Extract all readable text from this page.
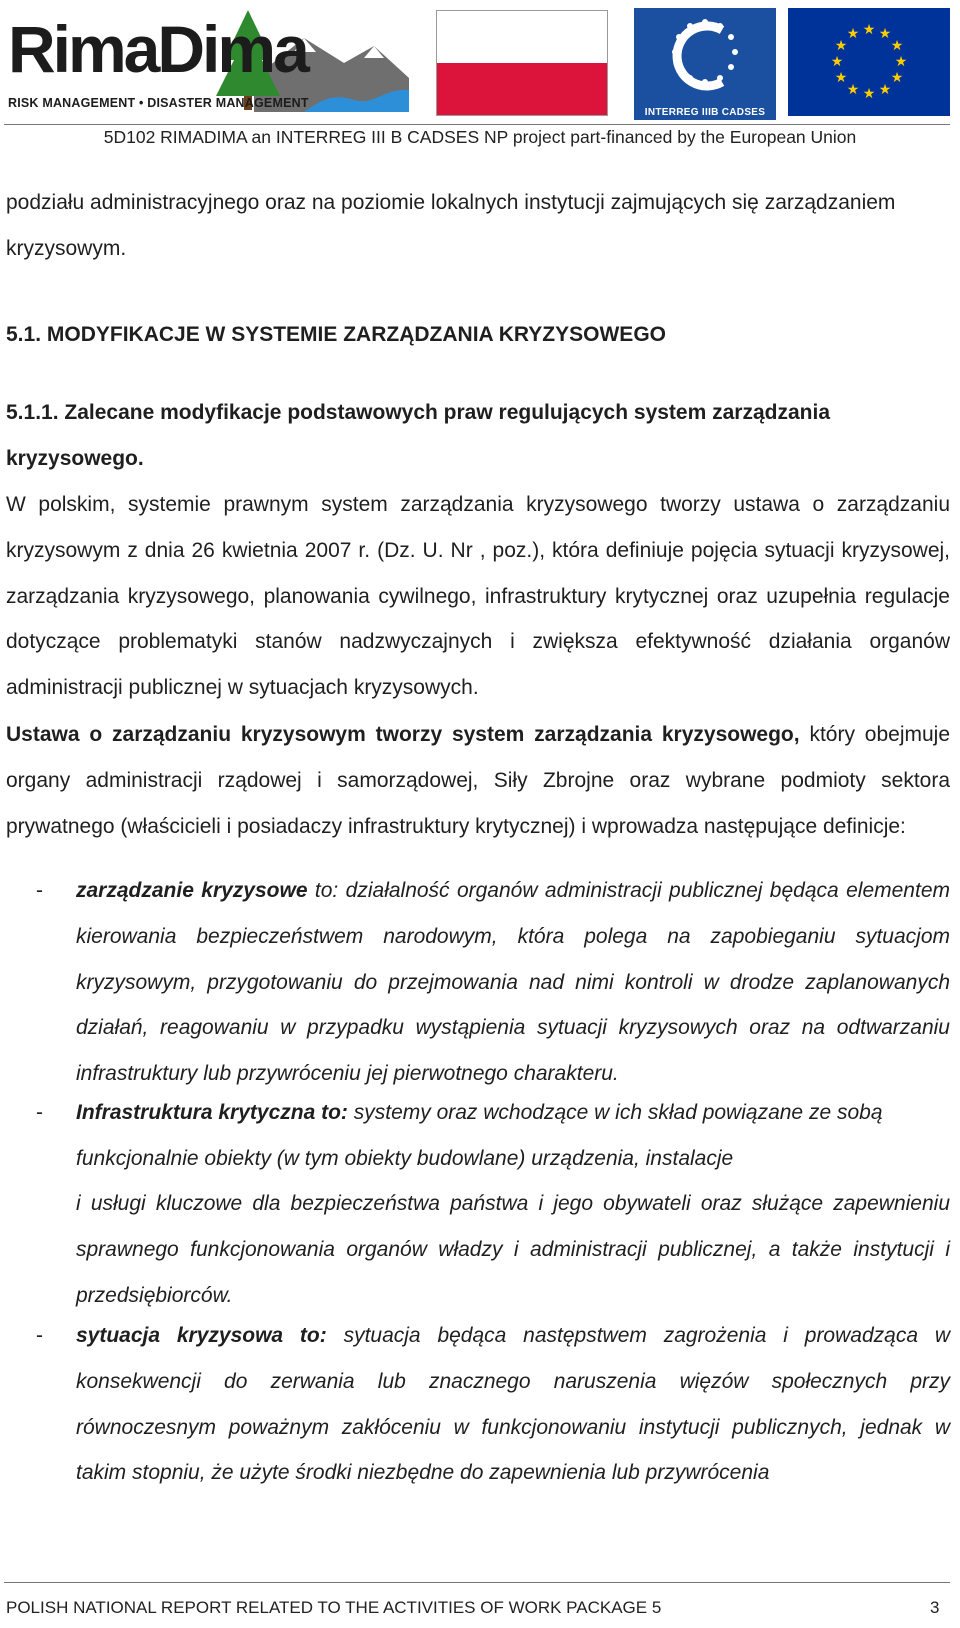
RimaDima
RISK MANAGEMENT • DISASTER MANAGEMENT
INTERREG IIIB CADSES
★ ★
★
★
★
★
★
★
★
★
★
★
5D102 RIMADIMA an INTERREG III B CADSES NP project part-financed by the European Union
podziału administracyjnego oraz na poziomie lokalnych instytucji zajmujących się zarządzaniem kryzysowym.
5.1. MODYFIKACJE W SYSTEMIE ZARZĄDZANIA KRYZYSOWEGO
5.1.1. Zalecane modyfikacje podstawowych praw regulujących system zarządzania kryzysowego.
W polskim, systemie prawnym system zarządzania kryzysowego tworzy ustawa o zarządzaniu kryzysowym z dnia 26 kwietnia 2007 r. (Dz. U. Nr , poz.), która definiuje pojęcia sytuacji kryzysowej, zarządzania kryzysowego, planowania cywilnego, infrastruktury krytycznej oraz uzupełnia regulacje dotyczące problematyki stanów nadzwyczajnych i zwiększa efektywność działania organów administracji publicznej w sytuacjach kryzysowych.
Ustawa o zarządzaniu kryzysowym tworzy system zarządzania kryzysowego, który obejmuje organy administracji rządowej i samorządowej, Siły Zbrojne oraz wybrane podmioty sektora prywatnego (właścicieli i posiadaczy infrastruktury krytycznej) i wprowadza następujące definicje:
- zarządzanie kryzysowe to: działalność organów administracji publicznej będąca elementem kierowania bezpieczeństwem narodowym, która polega na zapobieganiu sytuacjom kryzysowym, przygotowaniu do przejmowania nad nimi kontroli w drodze zaplanowanych działań, reagowaniu w przypadku wystąpienia sytuacji kryzysowych oraz na odtwarzaniu infrastruktury lub przywróceniu jej pierwotnego charakteru.
- Infrastruktura krytyczna to: systemy oraz wchodzące w ich skład powiązane ze sobą funkcjonalnie obiekty (w tym obiekty budowlane) urządzenia, instalacje
i usługi kluczowe dla bezpieczeństwa państwa i jego obywateli oraz służące zapewnieniu sprawnego funkcjonowania organów władzy i administracji publicznej, a także instytucji i przedsiębiorców.
- sytuacja kryzysowa to: sytuacja będąca następstwem zagrożenia i prowadząca w konsekwencji do zerwania lub znacznego naruszenia więzów społecznych przy równoczesnym poważnym zakłóceniu w funkcjonowaniu instytucji publicznych, jednak w takim stopniu, że użyte środki niezbędne do zapewnienia lub przywrócenia
POLISH NATIONAL REPORT RELATED TO THE ACTIVITIES OF WORK PACKAGE 5	3
